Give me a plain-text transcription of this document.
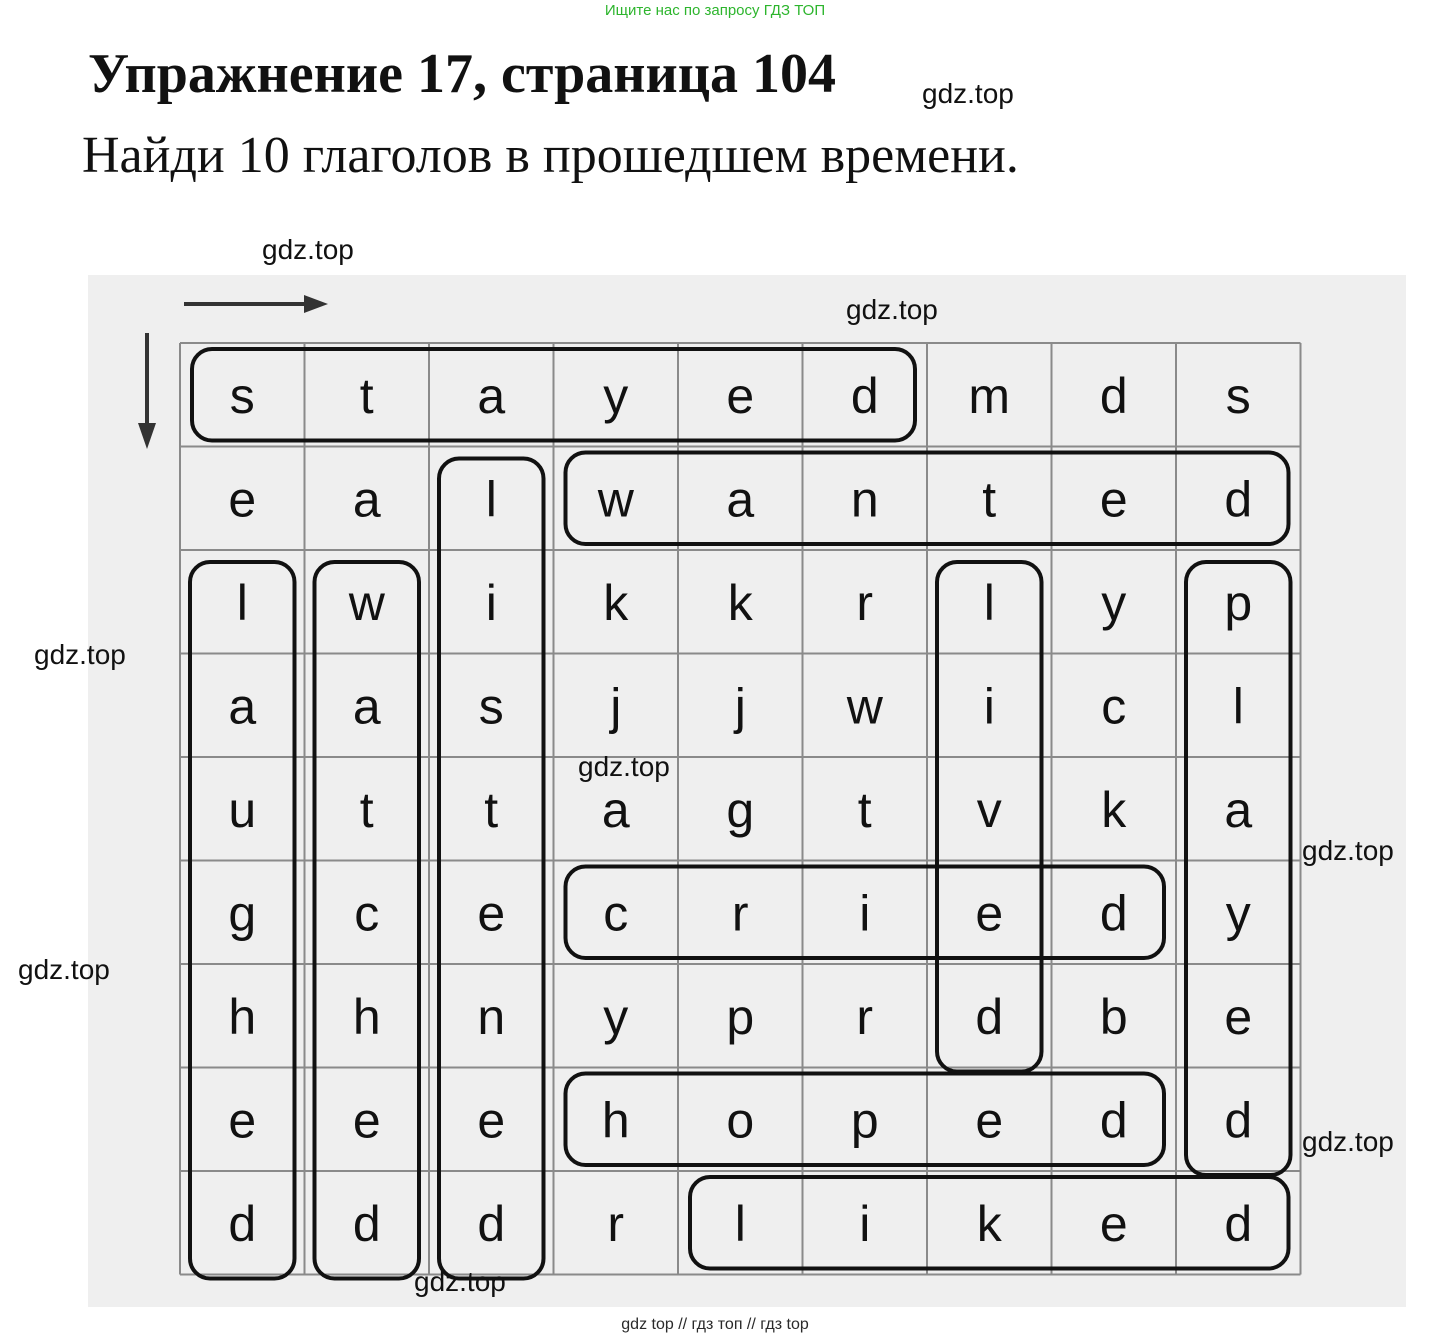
Ищите нас по запросу ГДЗ ТОП
Упражнение 17, страница 104
Найди 10 глаголов в прошедшем времени.
s t a y e d m d s
e a l w a n t e d
l w i k k r l y p
a a s j j w i c l
u t t a g t v k a
g c e c r i e d y
h h n y p r d b e
e e e h o p e d d
d d d r l i k e d
gdz.top
gdz.top
gdz.top
gdz.top
gdz.top
gdz.top
gdz.top
gdz.top
gdz.top
gdz top // гдз топ // гдз top
